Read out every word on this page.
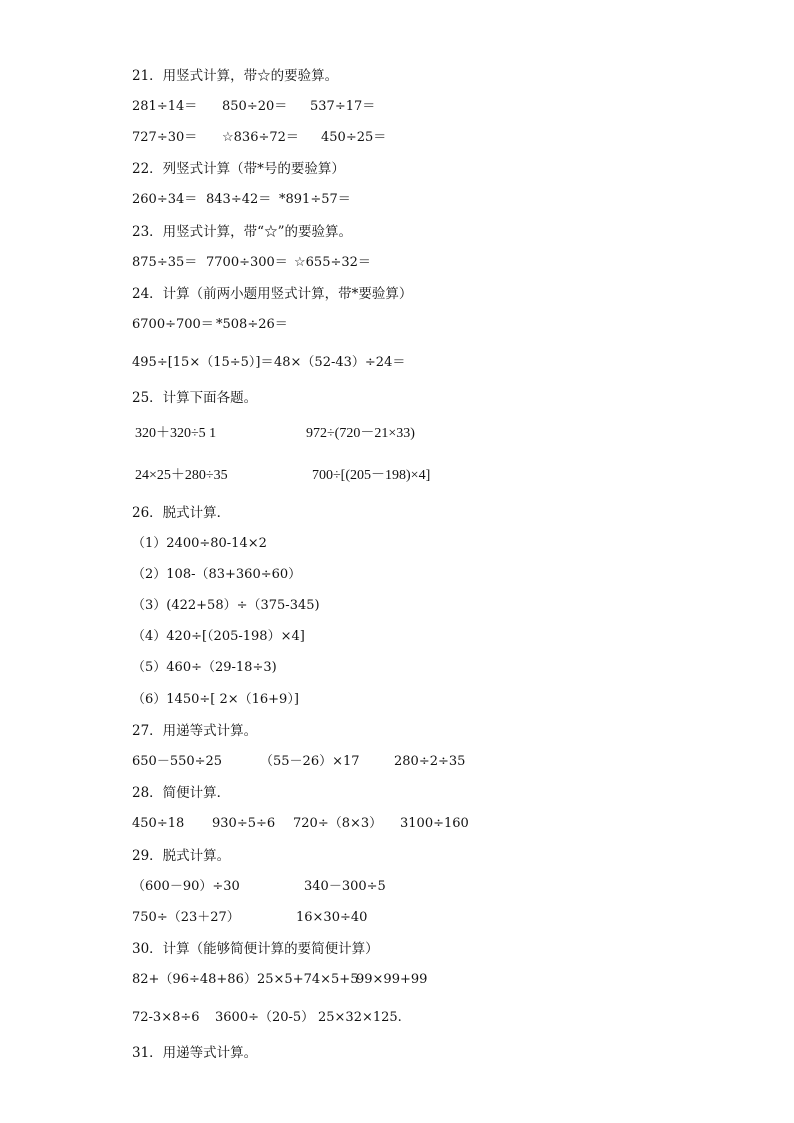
21．用竖式计算，带☆的要验算。
281÷14＝ 850÷20＝ 537÷17＝
727÷30＝ ☆836÷72＝ 450÷25＝
22．列竖式计算（带*号的要验算）
260÷34＝ 843÷42＝ *891÷57＝
23．用竖式计算，带“☆”的要验算。
875÷35＝ 7700÷300＝ ☆655÷32＝
24．计算（前两小题用竖式计算，带*要验算）
6700÷700＝ *508÷26＝
495÷[15×（15÷5）]＝ 48×（52-43）÷24＝
25．计算下面各题。
320＋320÷5 1	972÷(720－21×33)
24×25＋280÷35	700÷[(205－198)×4]
26．脱式计算．
（1）2400÷80-14×2
（2）108-（83+360÷60）
（3）(422+58）÷（375-345)
（4）420÷[（205-198）×4]
（5）460÷（29-18÷3)
（6）1450÷[ 2×（16+9）]
27．用递等式计算。
650－550÷25	（55－26）×17	280÷2÷35
28．简便计算．
450÷18 930÷5÷6 720÷（8×3） 3100÷160
29．脱式计算。
（600－90）÷30	340－300÷5
750÷（23＋27）	16×30÷40
30．计算（能够简便计算的要简便计算）
82+（96÷48+86） 25×5+74×5+5
99×99+99
72-3×8÷6 3600÷（20-5） 25×32×125.
31．用递等式计算。
